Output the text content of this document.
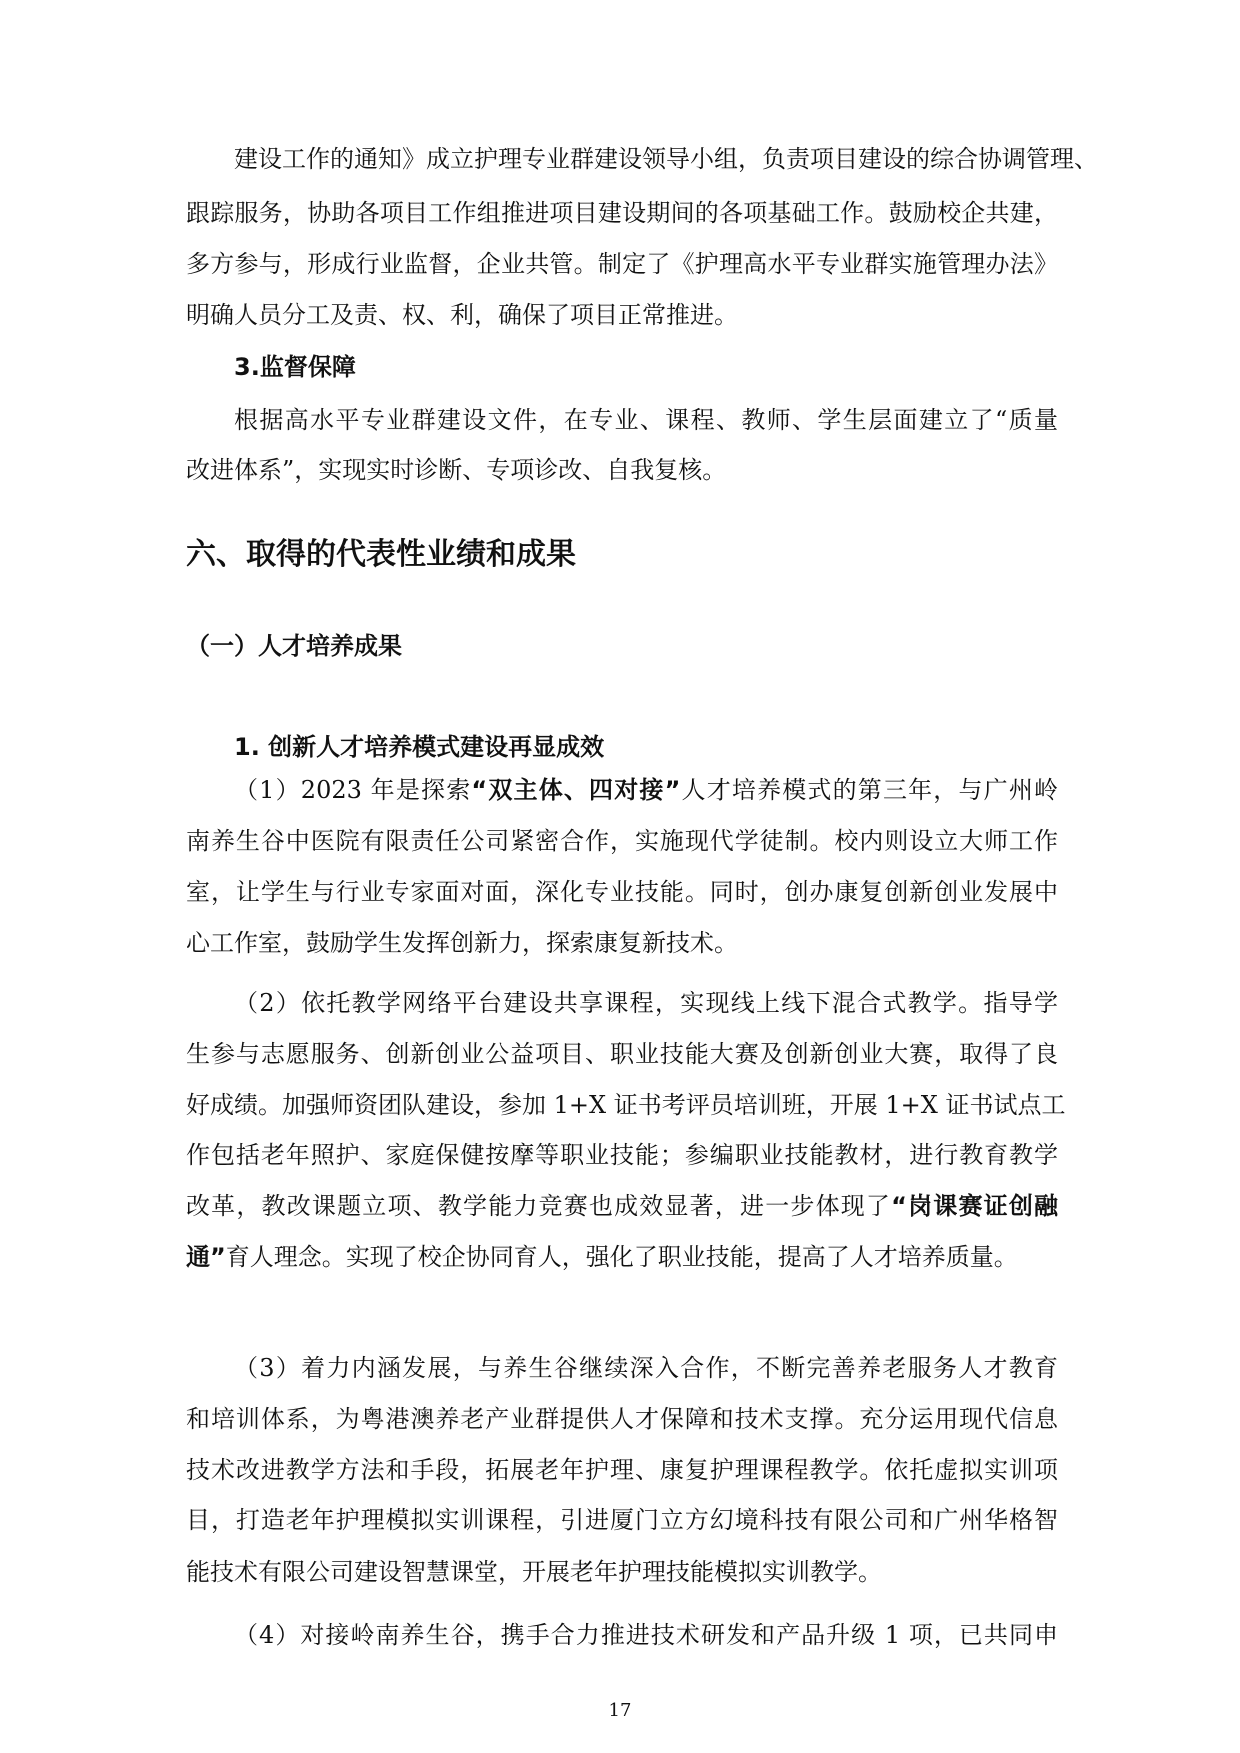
建设工作的通知》成立护理专业群建设领导小组，负责项目建设的综合协调管理、
跟踪服务，协助各项目工作组推进项目建设期间的各项基础工作。鼓励校企共建，
多方参与，形成行业监督，企业共管。制定了《护理高水平专业群实施管理办法》
明确人员分工及责、权、利，确保了项目正常推进。
3.监督保障
根据高水平专业群建设文件，在专业、课程、教师、学生层面建立了“质量
改进体系”，实现实时诊断、专项诊改、自我复核。
六、取得的代表性业绩和成果
（一）人才培养成果
1. 创新人才培养模式建设再显成效
（1）2023 年是探索“双主体、四对接”人才培养模式的第三年，与广州岭
南养生谷中医院有限责任公司紧密合作，实施现代学徒制。校内则设立大师工作
室，让学生与行业专家面对面，深化专业技能。同时，创办康复创新创业发展中
心工作室，鼓励学生发挥创新力，探索康复新技术。
（2）依托教学网络平台建设共享课程，实现线上线下混合式教学。指导学
生参与志愿服务、创新创业公益项目、职业技能大赛及创新创业大赛，取得了良
好成绩。加强师资团队建设，参加 1+X 证书考评员培训班，开展 1+X 证书试点工
作包括老年照护、家庭保健按摩等职业技能；参编职业技能教材，进行教育教学
改革，教改课题立项、教学能力竞赛也成效显著，进一步体现了“岗课赛证创融
通”育人理念。实现了校企协同育人，强化了职业技能，提高了人才培养质量。
（3）着力内涵发展，与养生谷继续深入合作，不断完善养老服务人才教育
和培训体系，为粤港澳养老产业群提供人才保障和技术支撑。充分运用现代信息
技术改进教学方法和手段，拓展老年护理、康复护理课程教学。依托虚拟实训项
目，打造老年护理模拟实训课程，引进厦门立方幻境科技有限公司和广州华格智
能技术有限公司建设智慧课堂，开展老年护理技能模拟实训教学。
（4）对接岭南养生谷，携手合力推进技术研发和产品升级 1 项，已共同申
17
